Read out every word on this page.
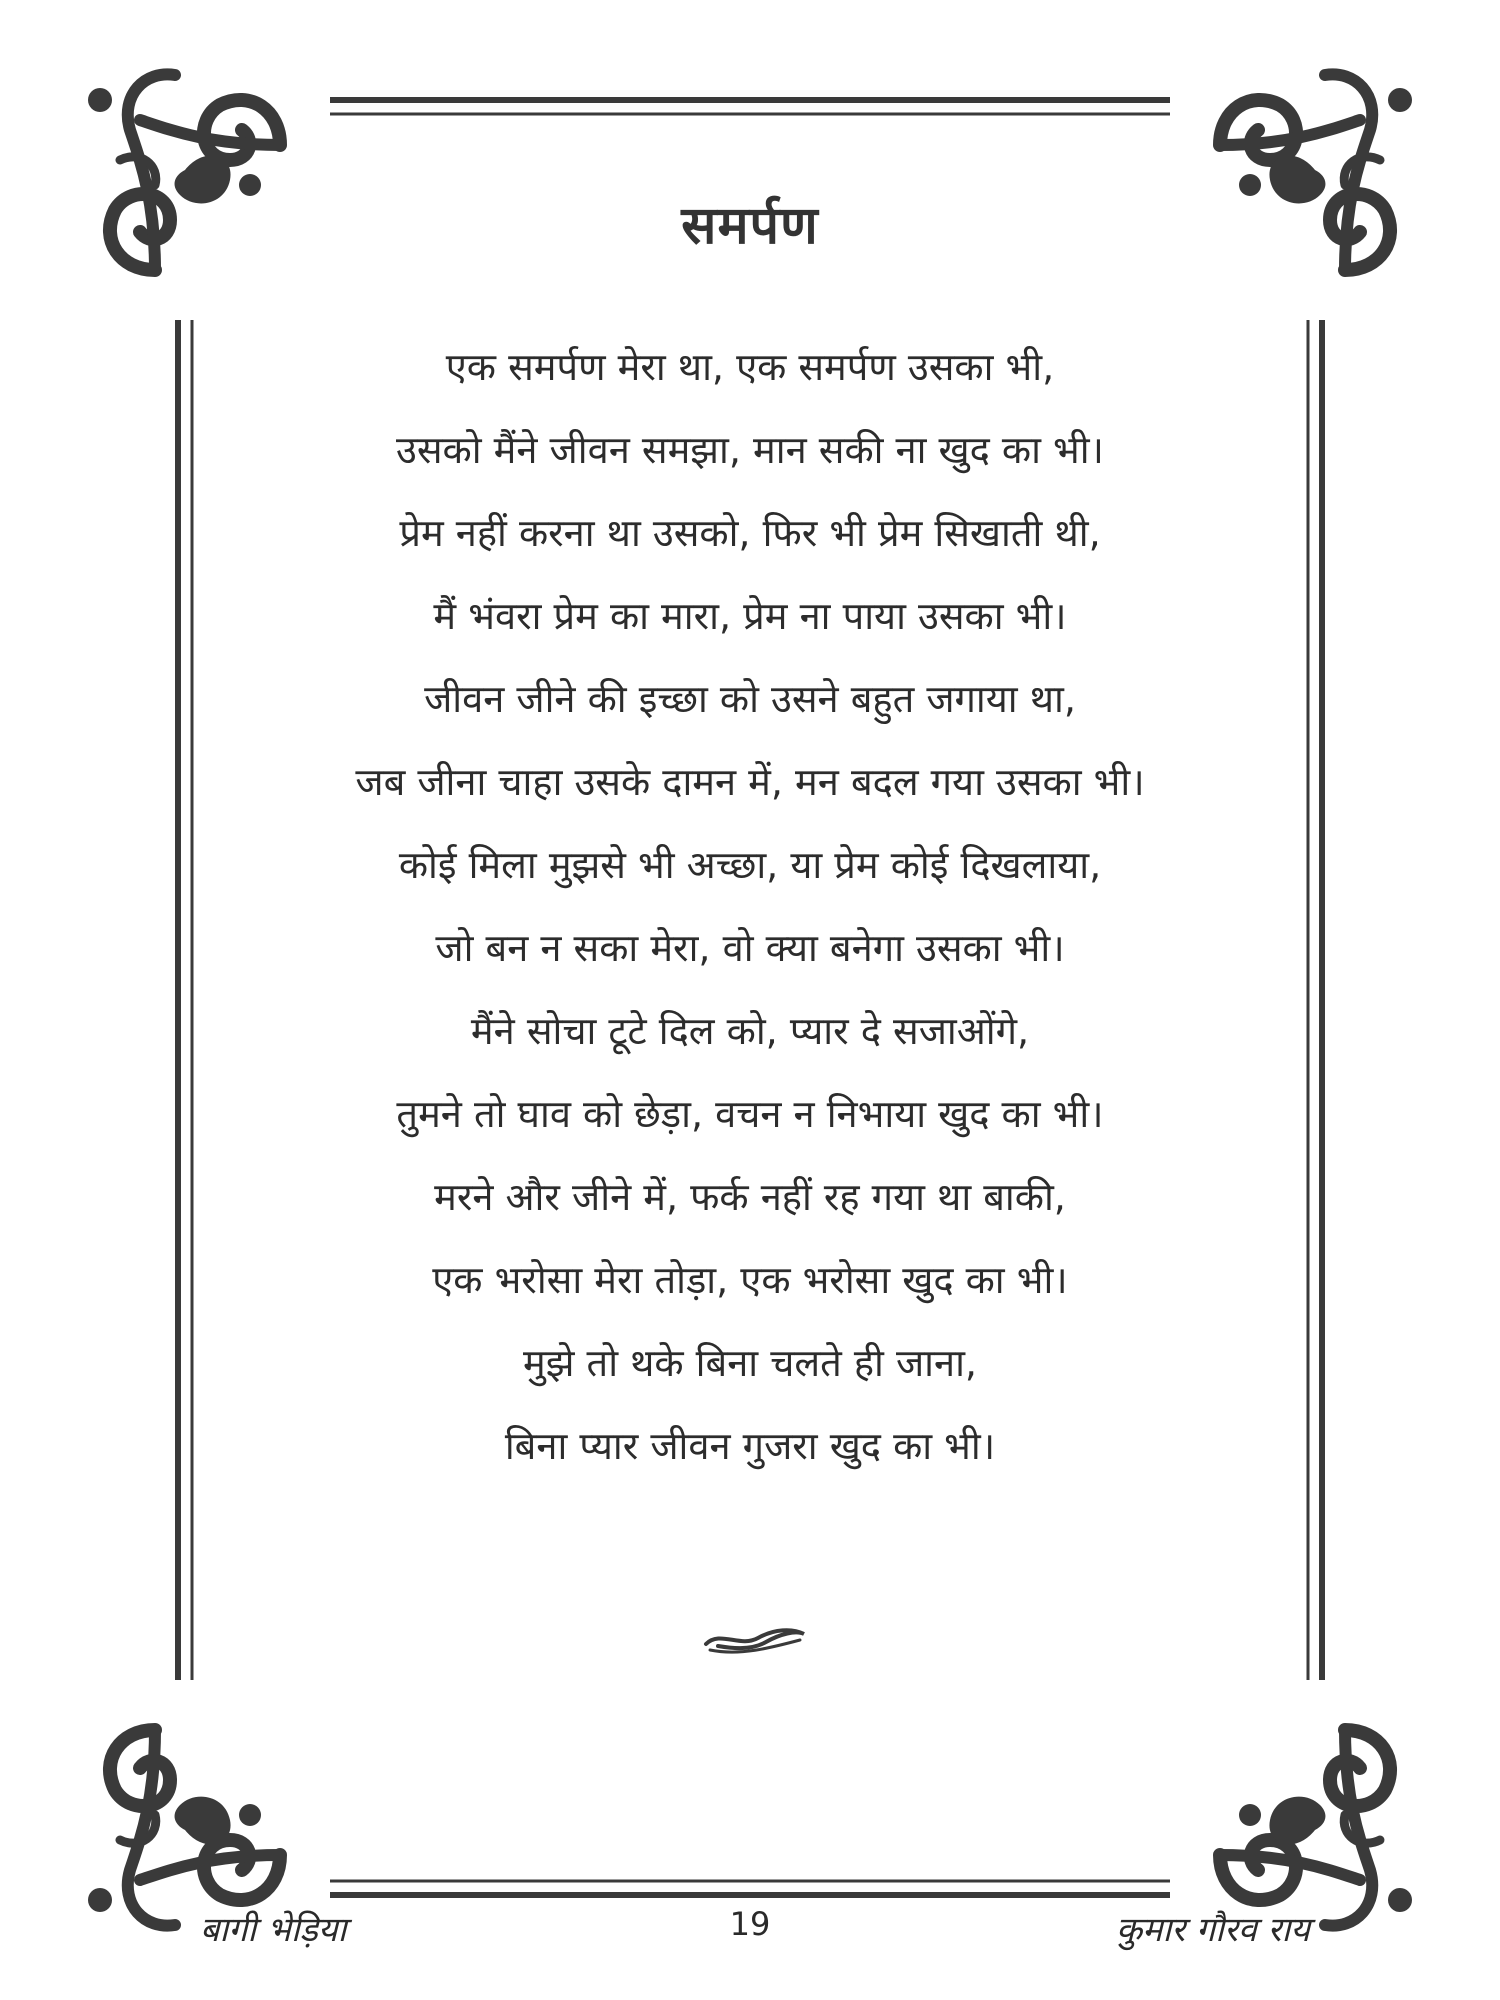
समर्पण
एक समर्पण मेरा था, एक समर्पण उसका भी,
उसको मैंने जीवन समझा, मान सकी ना खुद का भी।
प्रेम नहीं करना था उसको, फिर भी प्रेम सिखाती थी,
मैं भंवरा प्रेम का मारा, प्रेम ना पाया उसका भी।
जीवन जीने की इच्छा को उसने बहुत जगाया था,
जब जीना चाहा उसके दामन में, मन बदल गया उसका भी।
कोई मिला मुझसे भी अच्छा, या प्रेम कोई दिखलाया,
जो बन न सका मेरा, वो क्या बनेगा उसका भी।
मैंने सोचा टूटे दिल को, प्यार दे सजाओंगे,
तुमने तो घाव को छेड़ा, वचन न निभाया खुद का भी।
मरने और जीने में, फर्क नहीं रह गया था बाकी,
एक भरोसा मेरा तोड़ा, एक भरोसा खुद का भी।
मुझे तो थके बिना चलते ही जाना,
बिना प्यार जीवन गुजरा खुद का भी।
बागी भेड़िया	19	कुमार गौरव राय
